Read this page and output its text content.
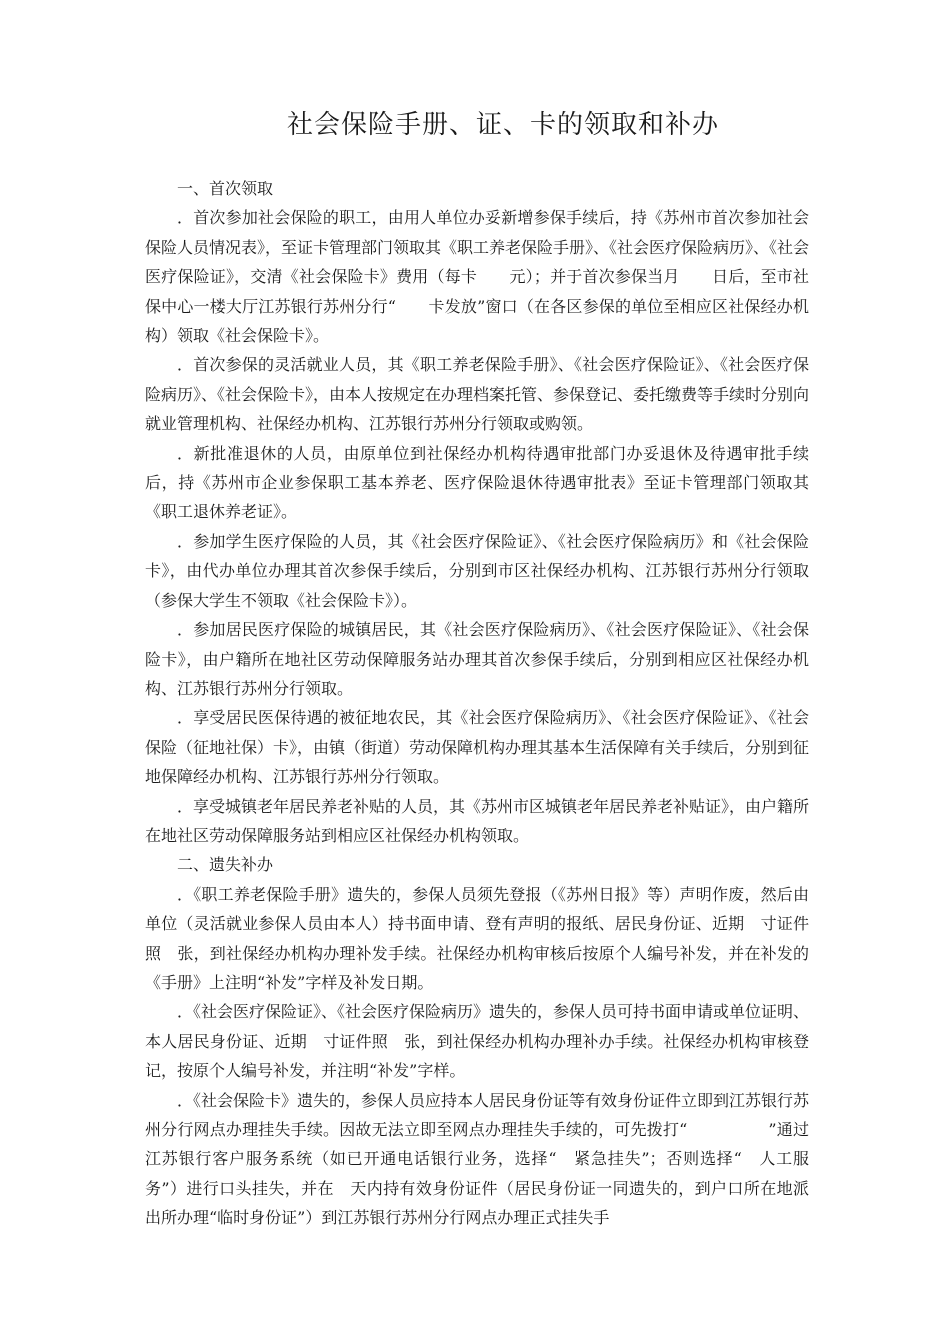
社会保险手册、证、卡的领取和补办

一、首次领取

．首次参加社会保险的职工，由用人单位办妥新增参保手续后，持《苏州市首次参加社会保险人员情况表》，至证卡管理部门领取其《职工养老保险手册》、《社会医疗保险病历》、《社会医疗保险证》，交清《社会保险卡》费用（每卡　　元）；并于首次参保当月　　日后，至市社保中心一楼大厅江苏银行苏州分行“　　卡发放”窗口（在各区参保的单位至相应区社保经办机构）领取《社会保险卡》。

．首次参保的灵活就业人员，其《职工养老保险手册》、《社会医疗保险证》、《社会医疗保险病历》、《社会保险卡》，由本人按规定在办理档案托管、参保登记、委托缴费等手续时分别向就业管理机构、社保经办机构、江苏银行苏州分行领取或购领。

．新批准退休的人员，由原单位到社保经办机构待遇审批部门办妥退休及待遇审批手续后，持《苏州市企业参保职工基本养老、医疗保险退休待遇审批表》至证卡管理部门领取其《职工退休养老证》。

．参加学生医疗保险的人员，其《社会医疗保险证》、《社会医疗保险病历》和《社会保险卡》，由代办单位办理其首次参保手续后，分别到市区社保经办机构、江苏银行苏州分行领取（参保大学生不领取《社会保险卡》）。

．参加居民医疗保险的城镇居民，其《社会医疗保险病历》、《社会医疗保险证》、《社会保险卡》，由户籍所在地社区劳动保障服务站办理其首次参保手续后，分别到相应区社保经办机构、江苏银行苏州分行领取。

．享受居民医保待遇的被征地农民，其《社会医疗保险病历》、《社会医疗保险证》、《社会保险（征地社保）卡》，由镇（街道）劳动保障机构办理其基本生活保障有关手续后，分别到征地保障经办机构、江苏银行苏州分行领取。

．享受城镇老年居民养老补贴的人员，其《苏州市区城镇老年居民养老补贴证》，由户籍所在地社区劳动保障服务站到相应区社保经办机构领取。

二、遗失补办

．《职工养老保险手册》遗失的，参保人员须先登报（《苏州日报》等）声明作废，然后由单位（灵活就业参保人员由本人）持书面申请、登有声明的报纸、居民身份证、近期　寸证件照　张，到社保经办机构办理补发手续。社保经办机构审核后按原个人编号补发，并在补发的《手册》上注明“补发”字样及补发日期。

．《社会医疗保险证》、《社会医疗保险病历》遗失的，参保人员可持书面申请或单位证明、本人居民身份证、近期　寸证件照　张，到社保经办机构办理补办手续。社保经办机构审核登记，按原个人编号补发，并注明“补发”字样。

．《社会保险卡》遗失的，参保人员应持本人居民身份证等有效身份证件立即到江苏银行苏州分行网点办理挂失手续。因故无法立即至网点办理挂失手续的，可先拨打“　　　　　”通过江苏银行客户服务系统（如已开通电话银行业务，选择“　紧急挂失”；否则选择“　人工服务”）进行口头挂失，并在　天内持有效身份证件（居民身份证一同遗失的，到户口所在地派出所办理“临时身份证”）到江苏银行苏州分行网点办理正式挂失手
